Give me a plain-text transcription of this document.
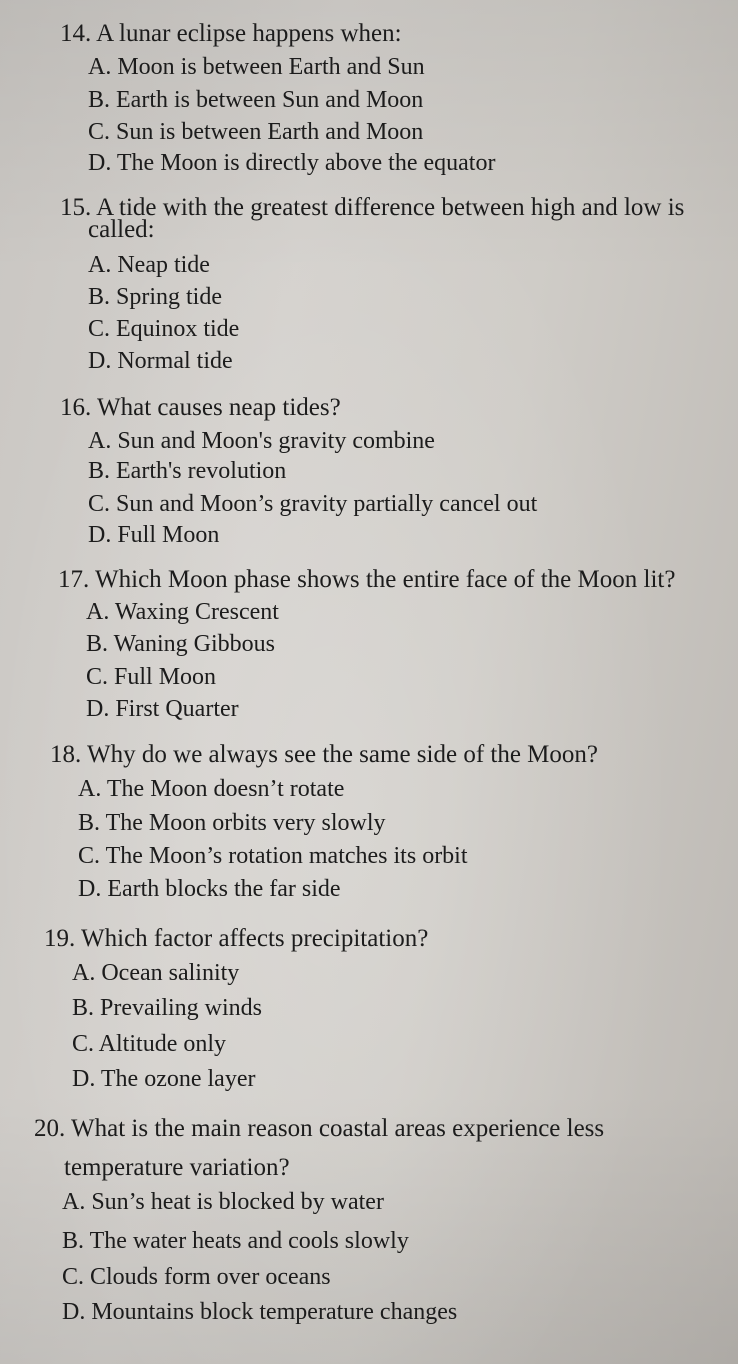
14. A lunar eclipse happens when:
A. Moon is between Earth and Sun
B. Earth is between Sun and Moon
C. Sun is between Earth and Moon
D. The Moon is directly above the equator
15. A tide with the greatest difference between high and low is
called:
A. Neap tide
B. Spring tide
C. Equinox tide
D. Normal tide
16. What causes neap tides?
A. Sun and Moon's gravity combine
B. Earth's revolution
C. Sun and Moon’s gravity partially cancel out
D. Full Moon
17. Which Moon phase shows the entire face of the Moon lit?
A. Waxing Crescent
B. Waning Gibbous
C. Full Moon
D. First Quarter
18. Why do we always see the same side of the Moon?
A. The Moon doesn’t rotate
B. The Moon orbits very slowly
C. The Moon’s rotation matches its orbit
D. Earth blocks the far side
19. Which factor affects precipitation?
A. Ocean salinity
B. Prevailing winds
C. Altitude only
D. The ozone layer
20. What is the main reason coastal areas experience less
temperature variation?
A. Sun’s heat is blocked by water
B. The water heats and cools slowly
C. Clouds form over oceans
D. Mountains block temperature changes
